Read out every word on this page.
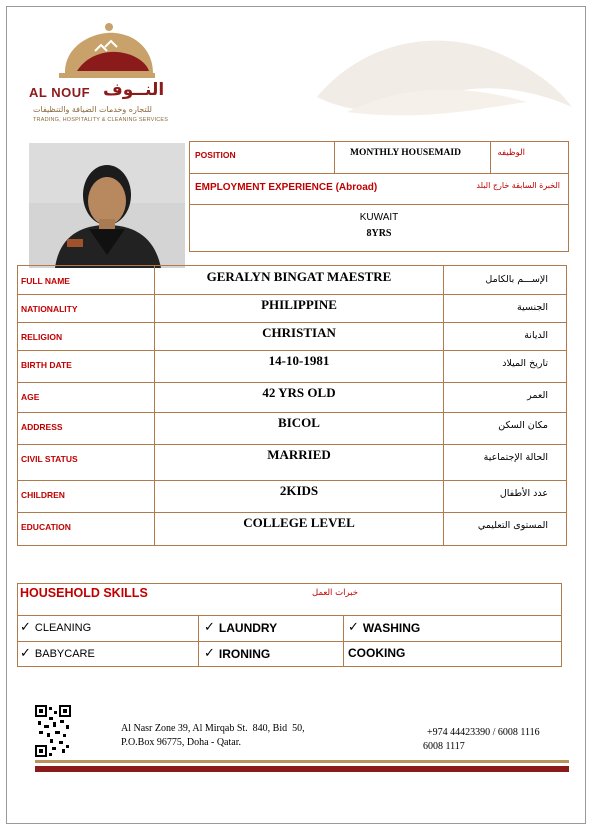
AL NOUF النــوف
للتجاره وخدمات الضيافة والتنظيفات
TRADING, HOSPITALITY & CLEANING SERVICES
POSITION	MONTHLY HOUSEMAID	الوظيفه
EMPLOYMENT EXPERIENCE (Abroad)	الخبرة السابقة خارج البلد
KUWAIT
8YRS
FULL NAME	GERALYN BINGAT MAESTRE	الإســـم بالكامل
NATIONALITY	PHILIPPINE	الجنسية
RELIGION	CHRISTIAN	الديانة
BIRTH DATE	14-10-1981	تاريخ الميلاد
AGE	42 YRS OLD	العمر
ADDRESS	BICOL	مكان السكن
CIVIL STATUS	MARRIED	الحالة الإجتماعية
CHILDREN	2KIDS	عدد الأطفال
EDUCATION	COLLEGE LEVEL	المستوى التعليمي
HOUSEHOLD SKILLS	خبرات العمل
✓ CLEANING	✓ LAUNDRY	✓ WASHING
✓ BABYCARE	✓ IRONING	COOKING
Al Nasr Zone 39, Al Mirqab St.  840, Bid  50,
P.O.Box 96775, Doha - Qatar.
+974 44423390 / 6008 1116
6008 1117
